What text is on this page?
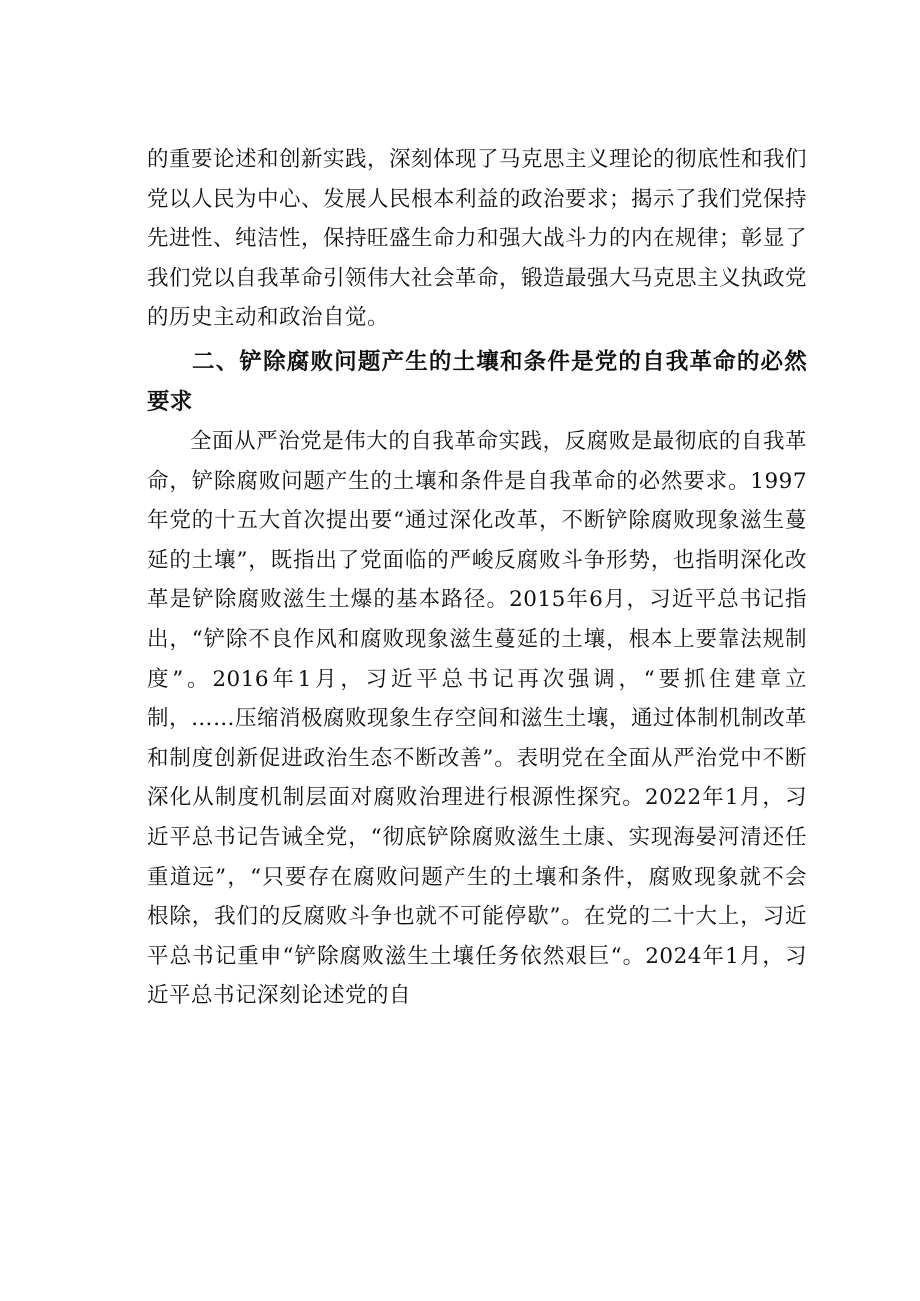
的重要论述和创新实践，深刻体现了马克思主义理论的彻底性和我们党以人民为中心、发展人民根本利益的政治要求；揭示了我们党保持先进性、纯洁性，保持旺盛生命力和强大战斗力的内在规律；彰显了我们党以自我革命引领伟大社会革命，锻造最强大马克思主义执政党的历史主动和政治自觉。

二、铲除腐败问题产生的土壤和条件是党的自我革命的必然要求

全面从严治党是伟大的自我革命实践，反腐败是最彻底的自我革命，铲除腐败问题产生的土壤和条件是自我革命的必然要求。1997年党的十五大首次提出要“通过深化改革，不断铲除腐败现象滋生蔓延的土壤”，既指出了党面临的严峻反腐败斗争形势，也指明深化改革是铲除腐败滋生土爆的基本路径。2015年6月，习近平总书记指出，“铲除不良作风和腐败现象滋生蔓延的土壤，根本上要靠法规制度”。2016年1月，习近平总书记再次强调，“要抓住建章立制，……压缩消极腐败现象生存空间和滋生土壤，通过体制机制改革和制度创新促进政治生态不断改善”。表明党在全面从严治党中不断深化从制度机制层面对腐败治理进行根源性探究。2022年1月，习近平总书记告诫全党，“彻底铲除腐败滋生土康、实现海晏河清还任重道远”，“只要存在腐败问题产生的土壤和条件，腐败现象就不会根除，我们的反腐败斗争也就不可能停歇”。在党的二十大上，习近平总书记重申“铲除腐败滋生土壤任务依然艰巨“。2024年1月，习近平总书记深刻论述党的自
